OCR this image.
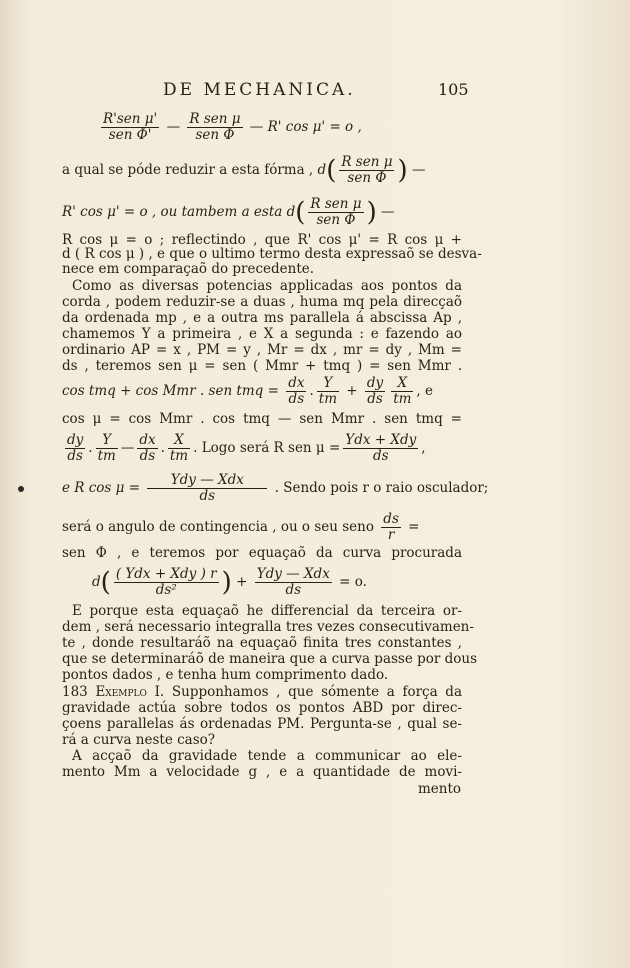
DE MECHANICA.	105
$\frac{\text{R'sen μ'}}{\text{sen Φ'}}$ — $\frac{\text{R sen μ}}{\text{sen Φ}}$ — R' cos μ' = o ,
a qual se póde reduzir a esta fórma , $d( \frac{\text{R sen μ}}{\text{sen Φ}}$ ) —
R' cos μ' = o , ou tambem a esta $d( \frac{\text{R sen μ}}{\text{sen Φ}}$ ) —
R cos μ = o ; reflectindo , que R' cos μ' = R cos μ +
d ( R cos μ ) , e que o ultimo termo desta expressaõ se desva-
nece em comparaçaõ do precedente.
Como as diversas potencias applicadas aos pontos da
corda , podem reduzir-se a duas , huma mq pela direcçaõ
da ordenada mp , e a outra ms parallela á abscissa Ap ,
chamemos Y a primeira , e X a segunda : e fazendo ao
ordinario AP = x , PM = y , Mr = dx , mr = dy , Mm =
ds , teremos sen μ = sen ( Mmr + tmq ) = sen Mmr .
cos tmq + cos Mmr . sen tmq = $\frac{dx}{ds}$ . $\frac{Y}{tm} + \frac{dy}{ds} \frac{X}{tm}$ , e
cos μ = cos Mmr . cos tmq — sen Mmr . sen tmq =
$\frac{dy}{ds}$ . $\frac{Y}{tm}$ — $\frac{dx}{ds}$ . $\frac{X}{tm}$ . Logo será R sen $\mu = \frac{\text{Ydx + Xdy}}{ds}$ ,
e R $\cos \mu = \frac{\text{Ydy — Xdx}}{ds}$ . Sendo pois r o raio osculador;
será o angulo de contingencia , ou o seu seno $\frac{ds}{r}$ =
sen Φ , e teremos por equaçaõ da curva procurada
$d( \frac{\text{( Ydx + Xdy ) r}}{\text{ds²}}$ ) + $\frac{\text{Ydy — Xdx}}{ds} = o$.
E porque esta equaçaõ he differencial da terceira or-
dem , será necessario integralla tres vezes consecutivamen-
te , donde resultaráõ na equaçaõ finita tres constantes ,
que se determinaráõ de maneira que a curva passe por dous
pontos dados , e tenha hum comprimento dado.
183 Exemplo I. Supponhamos , que sómente a força da
gravidade actúa sobre todos os pontos ABD por direc-
çoens parallelas ás ordenadas PM. Pergunta-se , qual se-
rá a curva neste caso?
A acçaõ da gravidade tende a communicar ao ele-
mento Mm a velocidade g , e a quantidade de movi-
mento
